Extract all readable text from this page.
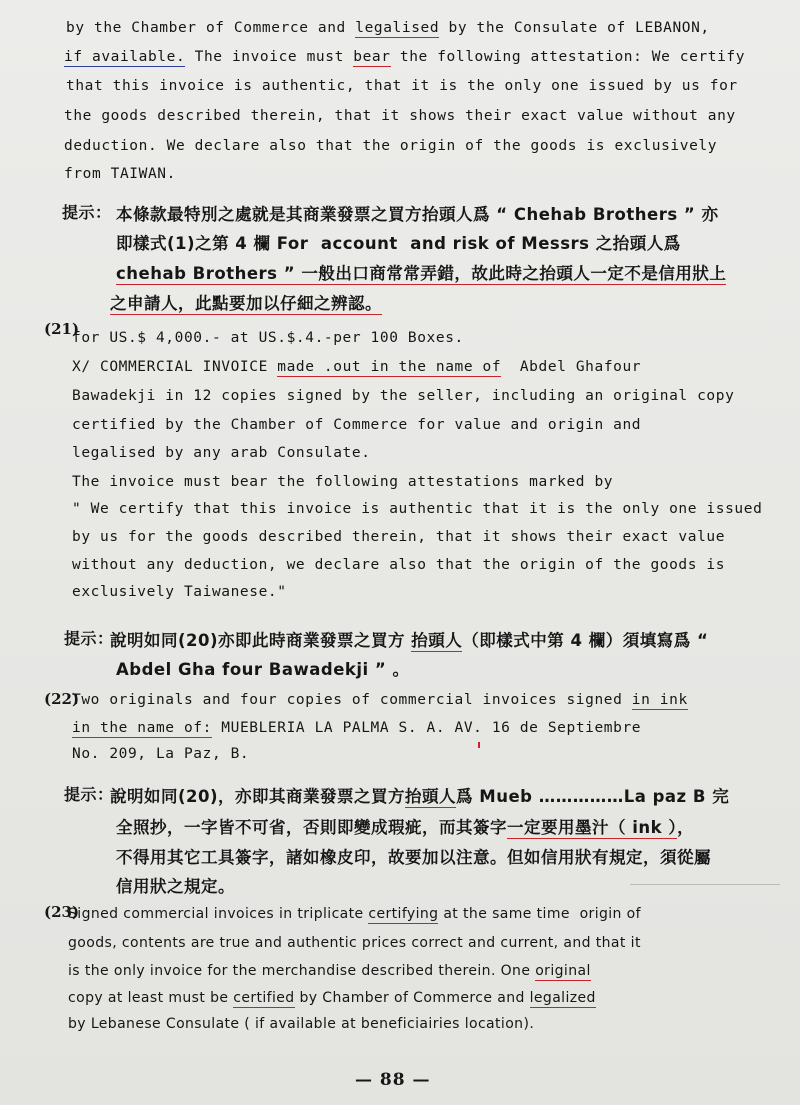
by the Chamber of Commerce and legalised by the Consulate of LEBANON,
if available. The invoice must bear the following attestation: We certify
that this invoice is authentic, that it is the only one issued by us for
the goods described therein, that it shows their exact value without any
deduction. We declare also that the origin of the goods is exclusively
from TAIWAN.
提示： 本條款最特別之處就是其商業發票之買方抬頭人爲 “ Chehab Brothers ” 亦
即樣式(1)之第 4 欄 For  account  and risk of Messrs 之抬頭人爲
chehab Brothers ” 一般出口商常常弄錯，故此時之抬頭人一定不是信用狀上
之申請人，此點要加以仔細之辨認。
(21)
for US.$ 4,000.- at US.$.4.-per 100 Boxes.
X/ COMMERCIAL INVOICE made .out in the name of  Abdel Ghafour
Bawadekji in 12 copies signed by the seller, including an original copy
certified by the Chamber of Commerce for value and origin and
legalised by any arab Consulate.
The invoice must bear the following attestations marked by
" We certify that this invoice is authentic that it is the only one issued
by us for the goods described therein, that it shows their exact value
without any deduction, we declare also that the origin of the goods is
exclusively Taiwanese."
提示：
說明如同(20)亦即此時商業發票之買方 抬頭人（即樣式中第 4 欄）須填寫爲 “
Abdel Gha four Bawadekji ” 。
(22)
Two originals and four copies of commercial invoices signed in ink
in the name of: MUEBLERIA LA PALMA S. A. AV. 16 de Septiembre
No. 209, La Paz, B.
提示：
說明如同(20)，亦即其商業發票之買方抬頭人爲 Mueb ……………La paz B 完
全照抄，一字皆不可省，否則即變成瑕疵，而其簽字一定要用墨汁（ ink ），
不得用其它工具簽字，諸如橡皮印，故要加以注意。但如信用狀有規定，須從屬
信用狀之規定。
(23)
Signed commercial invoices in triplicate certifying at the same time  origin of
goods, contents are true and authentic prices correct and current, and that it
is the only invoice for the merchandise described therein. One original
copy at least must be certified by Chamber of Commerce and legalized
by Lebanese Consulate ( if available at beneficiairies location).
— 88 —
